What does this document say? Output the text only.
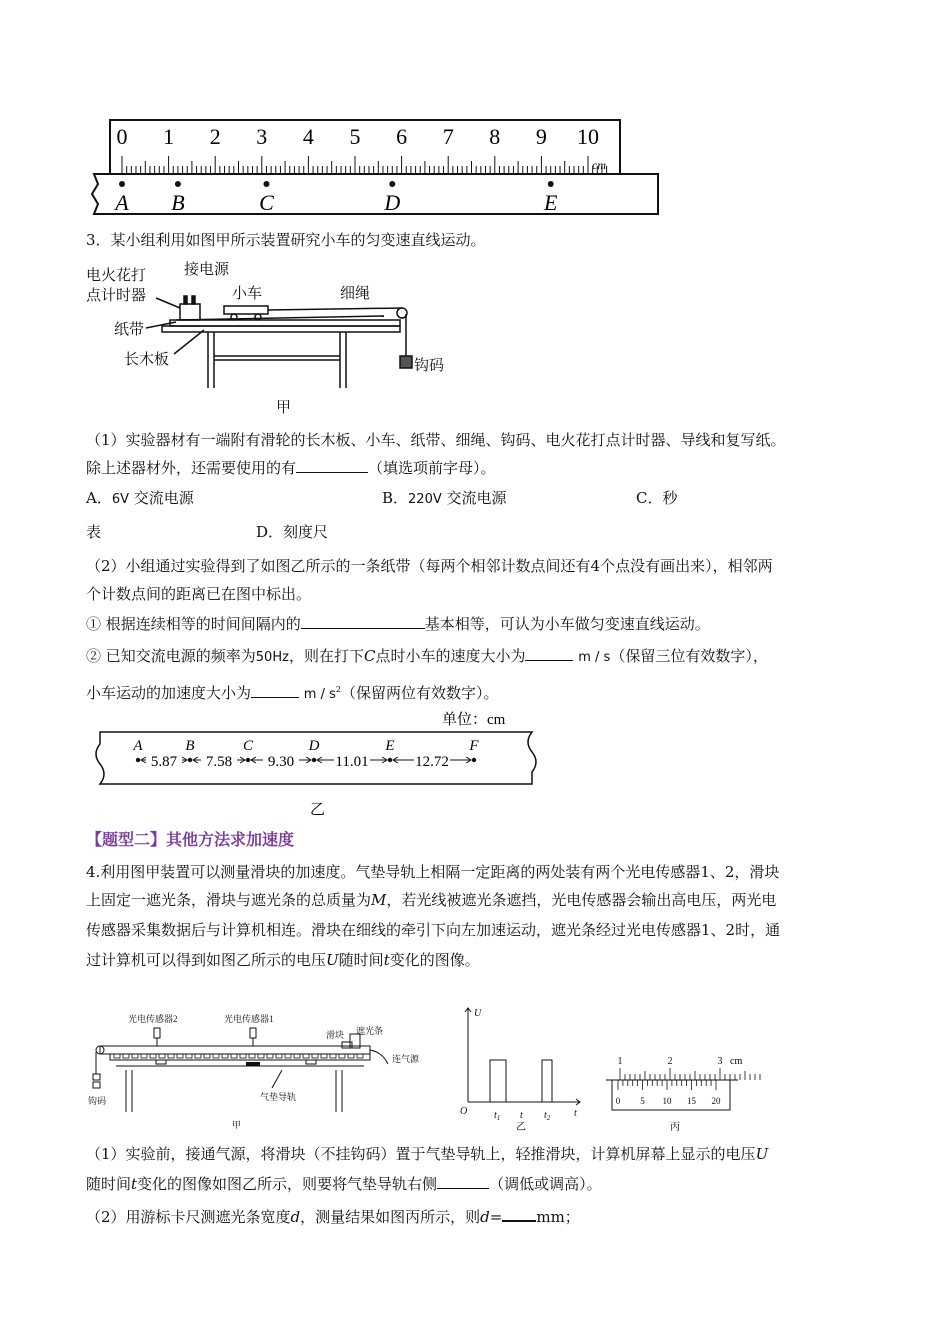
0 1 2 3 4 5 6 7 8 9 10
cm
A B	C	D	E
3．某小组利用如图甲所示装置研究小车的匀变速直线运动。
电火花打
点计时器
接电源
小车	细绳
纸带
长木板	钩码
甲
（1）实验器材有一端附有滑轮的长木板、小车、纸带、细绳、钩码、电火花打点计时器、导线和复写纸。
除上述器材外，还需要使用的有	（填选项前字母）。
A．6V 交流电源	B．220V 交流电源	C．秒
表	D．刻度尺
（2）小组通过实验得到了如图乙所示的一条纸带（每两个相邻计数点间还有4个点没有画出来），相邻两
个计数点间的距离已在图中标出。
① 根据连续相等的时间间隔内的	基本相等，可认为小车做匀变速直线运动。
② 已知交流电源的频率为50Hz，则在打下C点时小车的速度大小为	m / s（保留三位有效数字），
小车运动的加速度大小为	m / $s^2$（保留两位有效数字）。
单位：cm
A	B	C	D	E	F
5.87 7.58 9.30	11.01	12.72
乙
【题型二】其他方法求加速度
4.利用图甲装置可以测量滑块的加速度。气垫导轨上相隔一定距离的两处装有两个光电传感器1、2，滑块
上固定一遮光条，滑块与遮光条的总质量为M，若光线被遮光条遮挡，光电传感器会输出高电压，两光电
传感器采集数据后与计算机相连。滑块在细线的牵引下向左加速运动，遮光条经过光电传感器1、2时，通
过计算机可以得到如图乙所示的电压U随时间t变化的图像。
光电传感器2	光电传感器1
滑块 遮光条
连气源
钩码	气垫导轨
甲
U
O	$t_1$ t $t_2$ t
乙
1	2	3 cm
0 5 10 15 20
丙
（1）实验前，接通气源，将滑块（不挂钩码）置于气垫导轨上，轻推滑块，计算机屏幕上显示的电压U
随时间t变化的图像如图乙所示，则要将气垫导轨右侧	（调低或调高）。
（2）用游标卡尺测遮光条宽度d，测量结果如图丙所示，则d= mm；
